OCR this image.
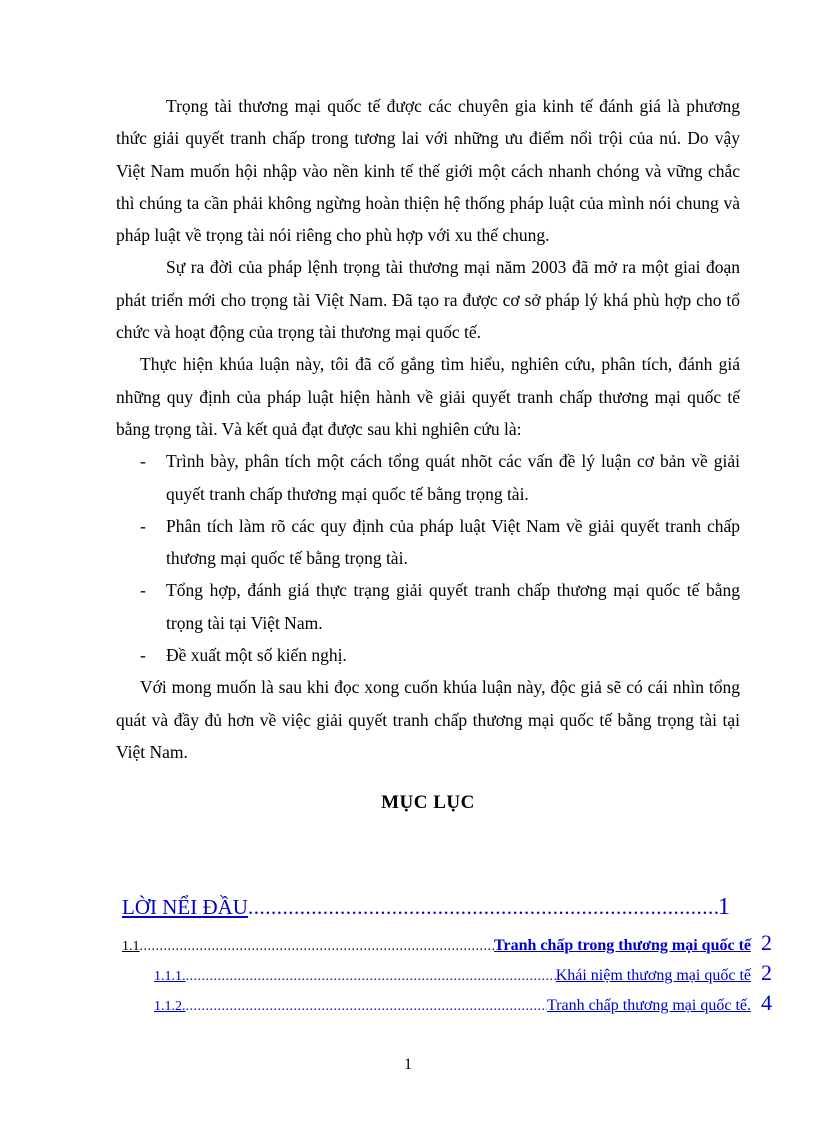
Trọng tài thương mại quốc tế được các chuyên gia kinh tế đánh giá là phương thức giải quyết tranh chấp trong tương lai với những ưu điểm nổi trội của nú. Do vậy Việt Nam muốn hội nhập vào nền kinh tế thế giới một cách nhanh chóng và vững chắc thì chúng ta cần phải không ngừng hoàn thiện hệ thống pháp luật của mình nói chung và pháp luật về trọng tài nói riêng cho phù hợp với xu thế chung.

Sự ra đời của pháp lệnh trọng tài thương mại năm 2003 đã mở ra một giai đoạn phát triển mới cho trọng tài Việt Nam. Đã tạo ra được cơ sở pháp lý khá phù hợp cho tổ chức và hoạt động của trọng tài thương mại quốc tế.

Thực hiện khúa luận này, tôi đã cố gắng tìm hiểu, nghiên cứu, phân tích, đánh giá những quy định của pháp luật hiện hành về giải quyết tranh chấp thương mại quốc tế bằng trọng tài. Và kết quả đạt được sau khi nghiên cứu là:

- Trình bày, phân tích một cách tổng quát nhõt các vấn đề lý luận cơ bản về giải quyết tranh chấp thương mại quốc tế bằng trọng tài.
- Phân tích làm rõ các quy định của pháp luật Việt Nam về giải quyết tranh chấp thương mại quốc tế bằng trọng tài.
- Tổng hợp, đánh giá thực trạng giải quyết tranh chấp thương mại quốc tế bằng trọng tài tại Việt Nam.
- Đề xuất một số kiến nghị.

Với mong muốn là sau khi đọc xong cuốn khúa luận này, độc giả sẽ có cái nhìn tổng quát và đầy đủ hơn về việc giải quyết tranh chấp thương mại quốc tế bằng trọng tài tại Việt Nam.

MỤC LỤC
LỜI NỂI ĐẦU .....	1
1.1 .....	Tranh chấp trong thương mại quốc tế 2
1.1.1. .....	Khái niệm thương mại quốc tế 2
1.1.2. .....	Tranh chấp thương mại quốc tế. 4
1
